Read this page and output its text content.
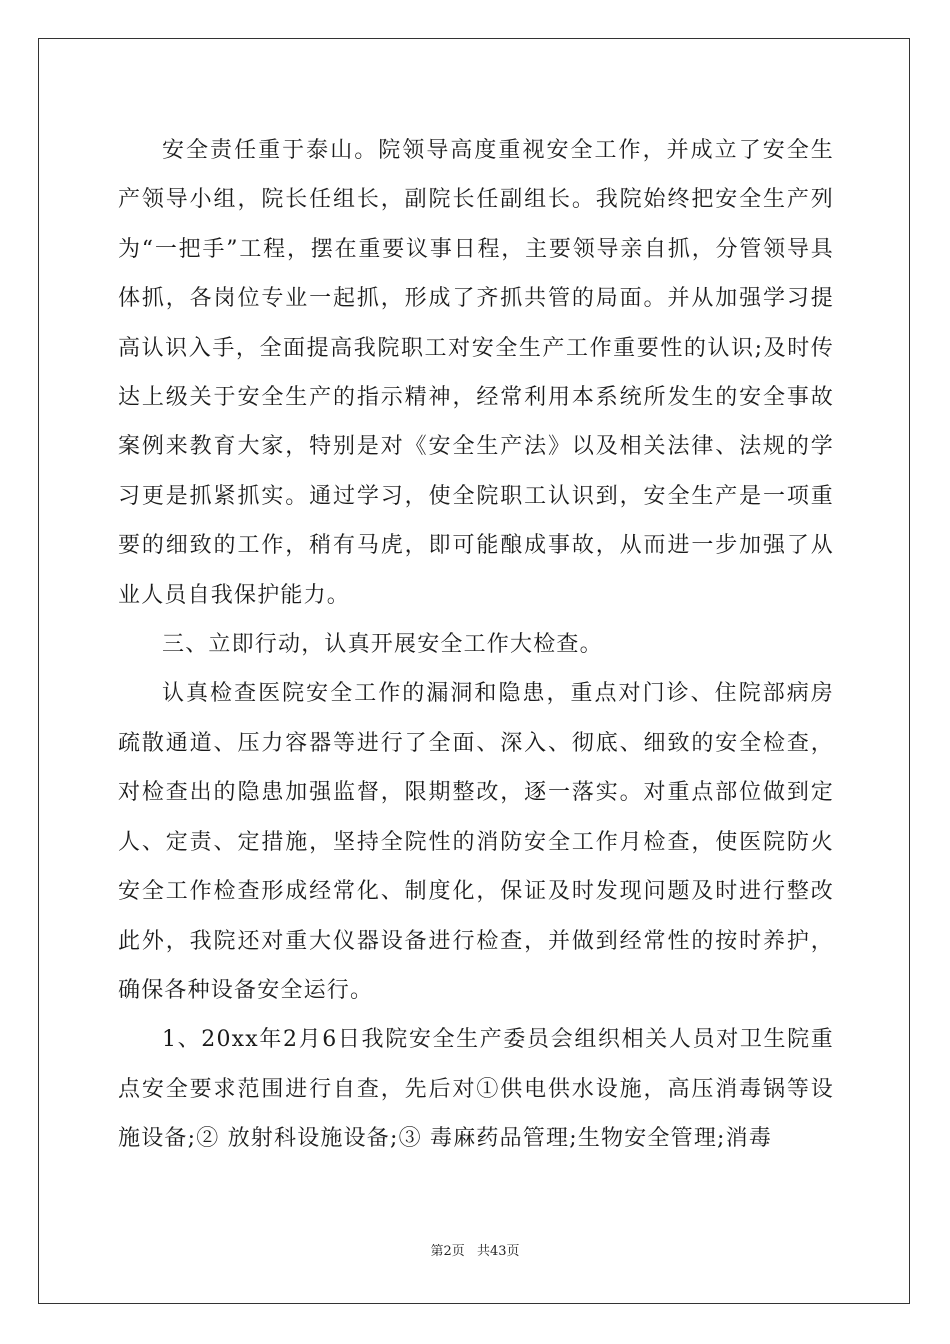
安全责任重于泰山。院领导高度重视安全工作，并成立了安全生产领导小组，院长任组长，副院长任副组长。我院始终把安全生产列为“一把手”工程，摆在重要议事日程，主要领导亲自抓，分管领导具体抓，各岗位专业一起抓，形成了齐抓共管的局面。并从加强学习提高认识入手，全面提高我院职工对安全生产工作重要性的认识;及时传达上级关于安全生产的指示精神，经常利用本系统所发生的安全事故案例来教育大家，特别是对《安全生产法》以及相关法律、法规的学习更是抓紧抓实。通过学习，使全院职工认识到，安全生产是一项重要的细致的工作，稍有马虎，即可能酿成事故，从而进一步加强了从业人员自我保护能力。

三、立即行动，认真开展安全工作大检查。

认真检查医院安全工作的漏洞和隐患，重点对门诊、住院部病房疏散通道、压力容器等进行了全面、深入、彻底、细致的安全检查，对检查出的隐患加强监督，限期整改，逐一落实。对重点部位做到定人、定责、定措施，坚持全院性的消防安全工作月检查，使医院防火安全工作检查形成经常化、制度化，保证及时发现问题及时进行整改此外，我院还对重大仪器设备进行检查，并做到经常性的按时养护，确保各种设备安全运行。

1、20xx年2月6日我院安全生产委员会组织相关人员对卫生院重点安全要求范围进行自查，先后对①供电供水设施，高压消毒锅等设施设备;② 放射科设施设备;③ 毒麻药品管理;生物安全管理;消毒

第2页 共43页
